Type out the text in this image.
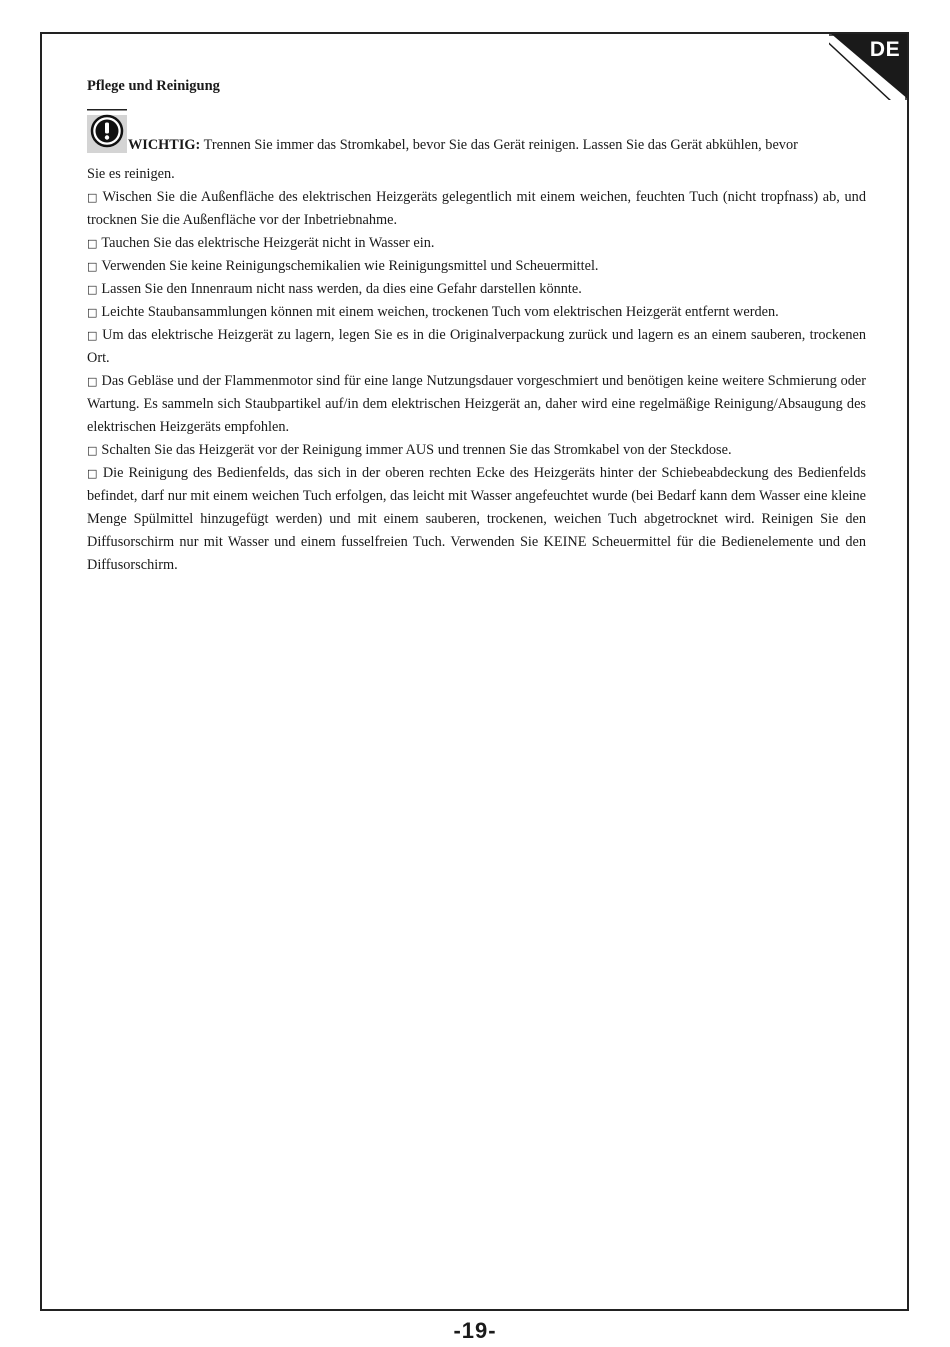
DE
Pflege und Reinigung
WICHTIG: Trennen Sie immer das Stromkabel, bevor Sie das Gerät reinigen. Lassen Sie das Gerät abkühlen, bevor
Sie es reinigen.
□ Wischen Sie die Außenfläche des elektrischen Heizgeräts gelegentlich mit einem weichen, feuchten Tuch (nicht tropfnass) ab, und trocknen Sie die Außenfläche vor der Inbetriebnahme.
□ Tauchen Sie das elektrische Heizgerät nicht in Wasser ein.
□ Verwenden Sie keine Reinigungschemikalien wie Reinigungsmittel und Scheuermittel.
□ Lassen Sie den Innenraum nicht nass werden, da dies eine Gefahr darstellen könnte.
□ Leichte Staubansammlungen können mit einem weichen, trockenen Tuch vom elektrischen Heizgerät entfernt werden.
□ Um das elektrische Heizgerät zu lagern, legen Sie es in die Originalverpackung zurück und lagern es an einem sauberen, trockenen Ort.
□ Das Gebläse und der Flammenmotor sind für eine lange Nutzungsdauer vorgeschmiert und benötigen keine weitere Schmierung oder Wartung. Es sammeln sich Staubpartikel auf/in dem elektrischen Heizgerät an, daher wird eine regelmäßige Reinigung/Absaugung des elektrischen Heizgeräts empfohlen.
□ Schalten Sie das Heizgerät vor der Reinigung immer AUS und trennen Sie das Stromkabel von der Steckdose.
□ Die Reinigung des Bedienfelds, das sich in der oberen rechten Ecke des Heizgeräts hinter der Schiebeabdeckung des Bedienfelds befindet, darf nur mit einem weichen Tuch erfolgen, das leicht mit Wasser angefeuchtet wurde (bei Bedarf kann dem Wasser eine kleine Menge Spülmittel hinzugefügt werden) und mit einem sauberen, trockenen, weichen Tuch abgetrocknet wird. Reinigen Sie den Diffusorschirm nur mit Wasser und einem fusselfreien Tuch. Verwenden Sie KEINE Scheuermittel für die Bedienelemente und den Diffusorschirm.
-19-
